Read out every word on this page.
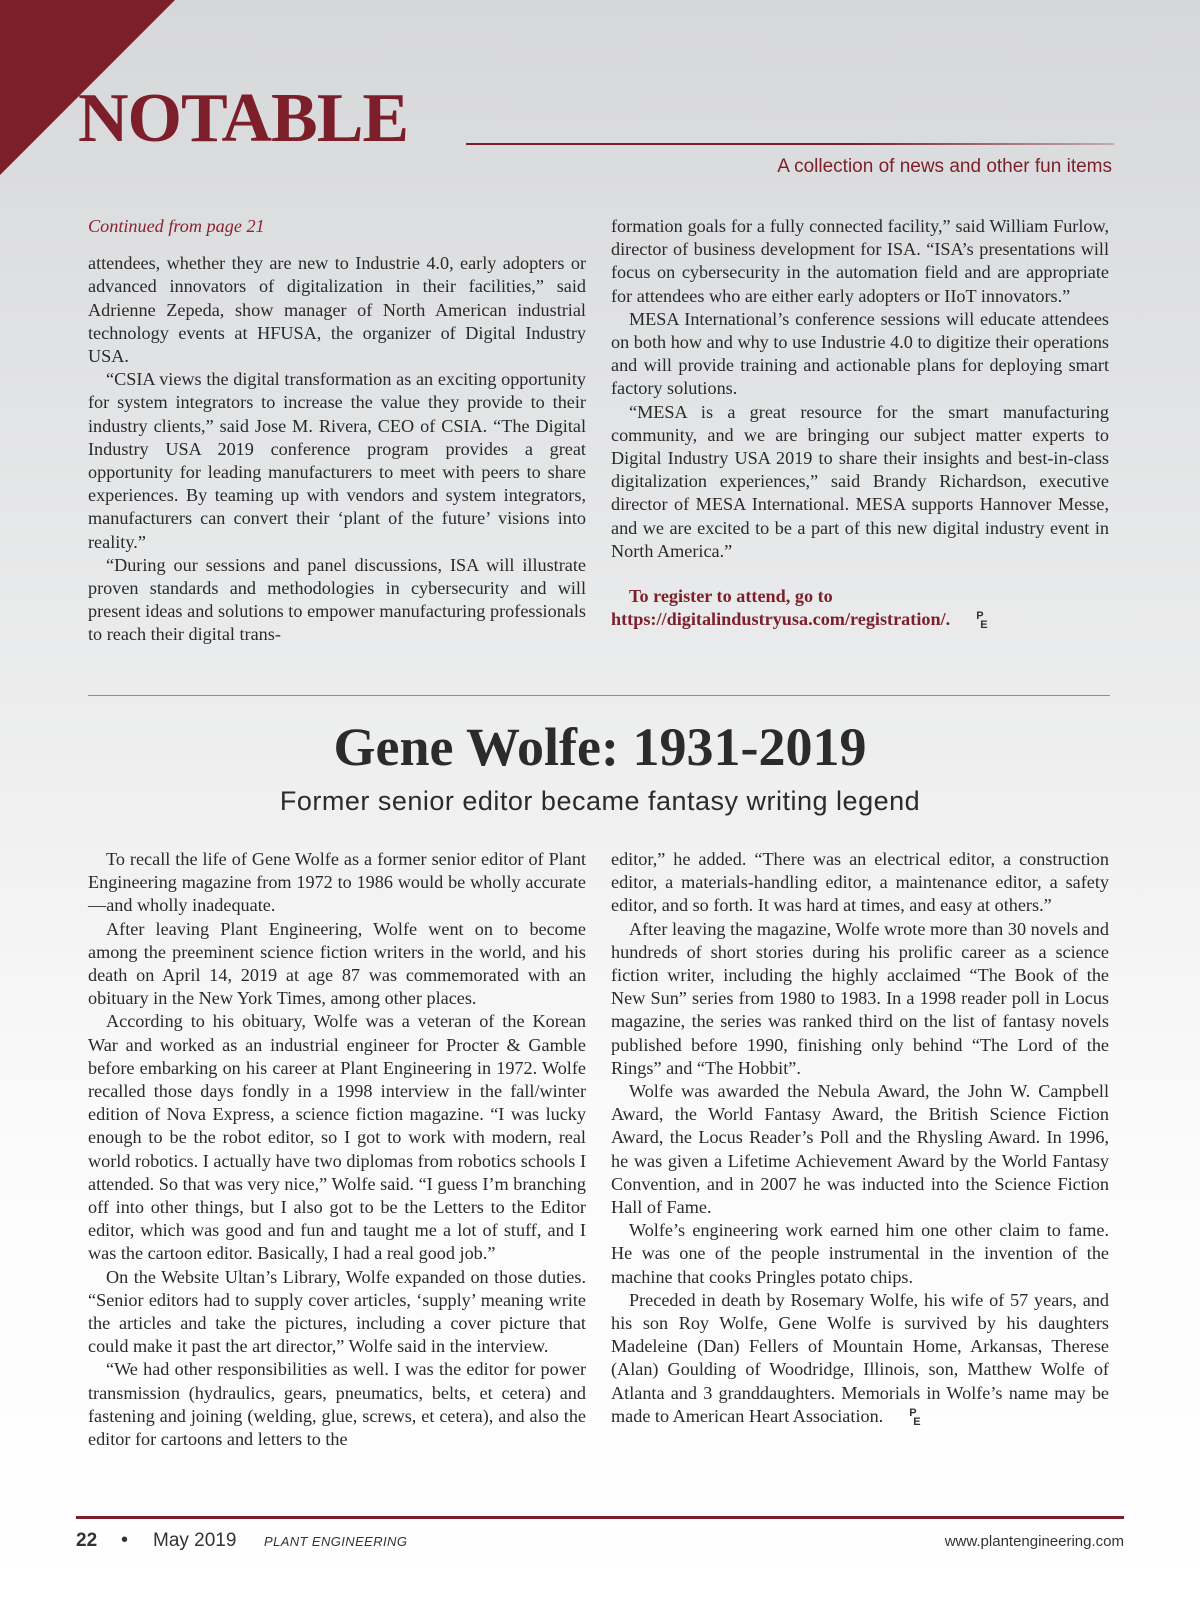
NOTABLE
A collection of news and other fun items

Continued from page 21

attendees, whether they are new to Industrie 4.0, early adopters or advanced innovators of digitalization in their facilities,” said Adrienne Zepeda, show manager of North American industrial technology events at HFUSA, the organizer of Digital Industry USA.

“CSIA views the digital transformation as an exciting opportunity for system integrators to increase the value they provide to their industry clients,” said Jose M. Rivera, CEO of CSIA. “The Digital Industry USA 2019 conference program provides a great opportunity for leading manufacturers to meet with peers to share experiences. By teaming up with vendors and system integrators, manufacturers can convert their ‘plant of the future’ visions into reality.”

“During our sessions and panel discussions, ISA will illustrate proven standards and methodologies in cybersecurity and will present ideas and solutions to empower manufacturing professionals to reach their digital trans-

formation goals for a fully connected facility,” said William Furlow, director of business development for ISA. “ISA’s presentations will focus on cybersecurity in the automation field and are appropriate for attendees who are either early adopters or IIoT innovators.”

MESA International’s conference sessions will educate attendees on both how and why to use Industrie 4.0 to digitize their operations and will provide training and actionable plans for deploying smart factory solutions.

“MESA is a great resource for the smart manufacturing community, and we are bringing our subject matter experts to Digital Industry USA 2019 to share their insights and best-in-class digitalization experiences,” said Brandy Richardson, executive director of MESA International. MESA supports Hannover Messe, and we are excited to be a part of this new digital industry event in North America.”

To register to attend, go to https://digitalindustryusa.com/registration/.	P
E

Gene Wolfe: 1931-2019
Former senior editor became fantasy writing legend

To recall the life of Gene Wolfe as a former senior editor of Plant Engineering magazine from 1972 to 1986 would be wholly accurate—and wholly inadequate.

After leaving Plant Engineering, Wolfe went on to become among the preeminent science fiction writers in the world, and his death on April 14, 2019 at age 87 was commemorated with an obituary in the New York Times, among other places.

According to his obituary, Wolfe was a veteran of the Korean War and worked as an industrial engineer for Procter & Gamble before embarking on his career at Plant Engineering in 1972. Wolfe recalled those days fondly in a 1998 interview in the fall/winter edition of Nova Express, a science fiction magazine. “I was lucky enough to be the robot editor, so I got to work with modern, real world robotics. I actually have two diplomas from robotics schools I attended. So that was very nice,” Wolfe said. “I guess I’m branching off into other things, but I also got to be the Letters to the Editor editor, which was good and fun and taught me a lot of stuff, and I was the cartoon editor. Basically, I had a real good job.”

On the Website Ultan’s Library, Wolfe expanded on those duties. “Senior editors had to supply cover articles, ‘supply’ meaning write the articles and take the pictures, including a cover picture that could make it past the art director,” Wolfe said in the interview.

“We had other responsibilities as well. I was the editor for power transmission (hydraulics, gears, pneumatics, belts, et cetera) and fastening and joining (welding, glue, screws, et cetera), and also the editor for cartoons and letters to the

editor,” he added. “There was an electrical editor, a construction editor, a materials-handling editor, a maintenance editor, a safety editor, and so forth. It was hard at times, and easy at others.”

After leaving the magazine, Wolfe wrote more than 30 novels and hundreds of short stories during his prolific career as a science fiction writer, including the highly acclaimed “The Book of the New Sun” series from 1980 to 1983. In a 1998 reader poll in Locus magazine, the series was ranked third on the list of fantasy novels published before 1990, finishing only behind “The Lord of the Rings” and “The Hobbit”.

Wolfe was awarded the Nebula Award, the John W. Campbell Award, the World Fantasy Award, the British Science Fiction Award, the Locus Reader’s Poll and the Rhysling Award. In 1996, he was given a Lifetime Achievement Award by the World Fantasy Convention, and in 2007 he was inducted into the Science Fiction Hall of Fame.

Wolfe’s engineering work earned him one other claim to fame. He was one of the people instrumental in the invention of the machine that cooks Pringles potato chips.

Preceded in death by Rosemary Wolfe, his wife of 57 years, and his son Roy Wolfe, Gene Wolfe is survived by his daughters Madeleine (Dan) Fellers of Mountain Home, Arkansas, Therese (Alan) Goulding of Woodridge, Illinois, son, Matthew Wolfe of Atlanta and 3 granddaughters. Memorials in Wolfe’s name may be made to American Heart Association.	P
E

22 • May 2019 PLANT ENGINEERING	www.plantengineering.com
